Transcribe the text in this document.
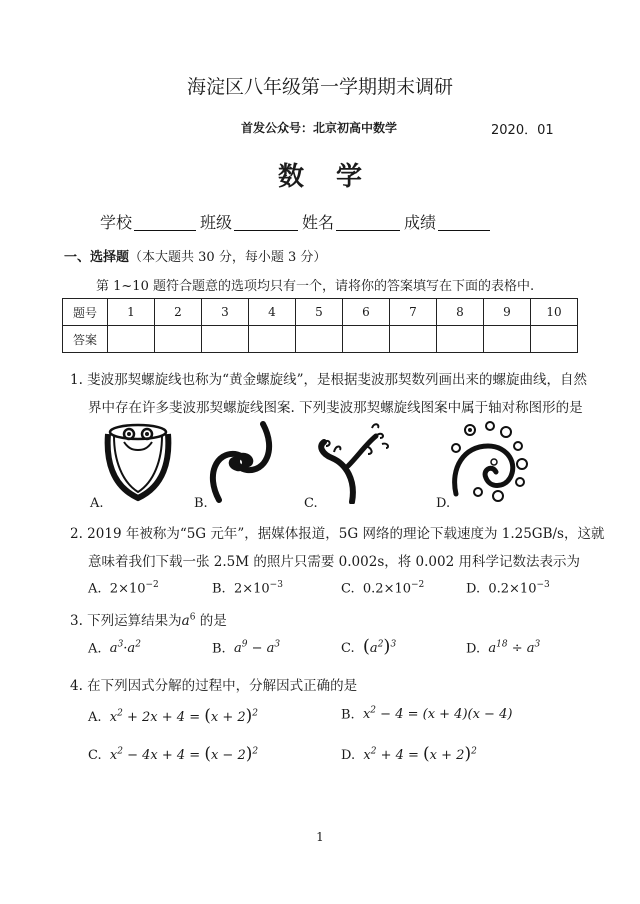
海淀区八年级第一学期期末调研
首发公众号：北京初高中数学	2020．01
数学
学校	班级	姓名	成绩
一、选择题（本大题共 30 分，每小题 3 分）
第 1~10 题符合题意的选项均只有一个，请将你的答案填写在下面的表格中.
题号	1	2	3	4	5	6	7	8	9	10
答案										
1. 斐波那契螺旋线也称为“黄金螺旋线”，是根据斐波那契数列画出来的螺旋曲线，自然
界中存在许多斐波那契螺旋线图案. 下列斐波那契螺旋线图案中属于轴对称图形的是
A.	B.	C.	D.
2. 2019 年被称为“5G 元年”，据媒体报道，5G 网络的理论下载速度为 1.25GB/s，这就
意味着我们下载一张 2.5M 的照片只需要 0.002s，将 0.002 用科学记数法表示为
A. $2\times 10^{-2}$	B. $2\times 10^{-3}$	C. $0.2\times 10^{-2}$	D. $0.2\times 10^{-3}$
3. 下列运算结果为$a^6$ 的是
A. $a^3\cdot a^2$	B. $a^9 - a^3$	C. $(a^2)^3$	D. $a^{18} \div a^3$
4. 在下列因式分解的过程中，分解因式正确的是
A. $x^2 + 2x + 4 = (x + 2)^2$	B. $x^2 - 4 = (x + 4)(x - 4)$
C. $x^2 - 4x + 4 = (x - 2)^2$	D. $x^2 + 4 = (x + 2)^2$
1
